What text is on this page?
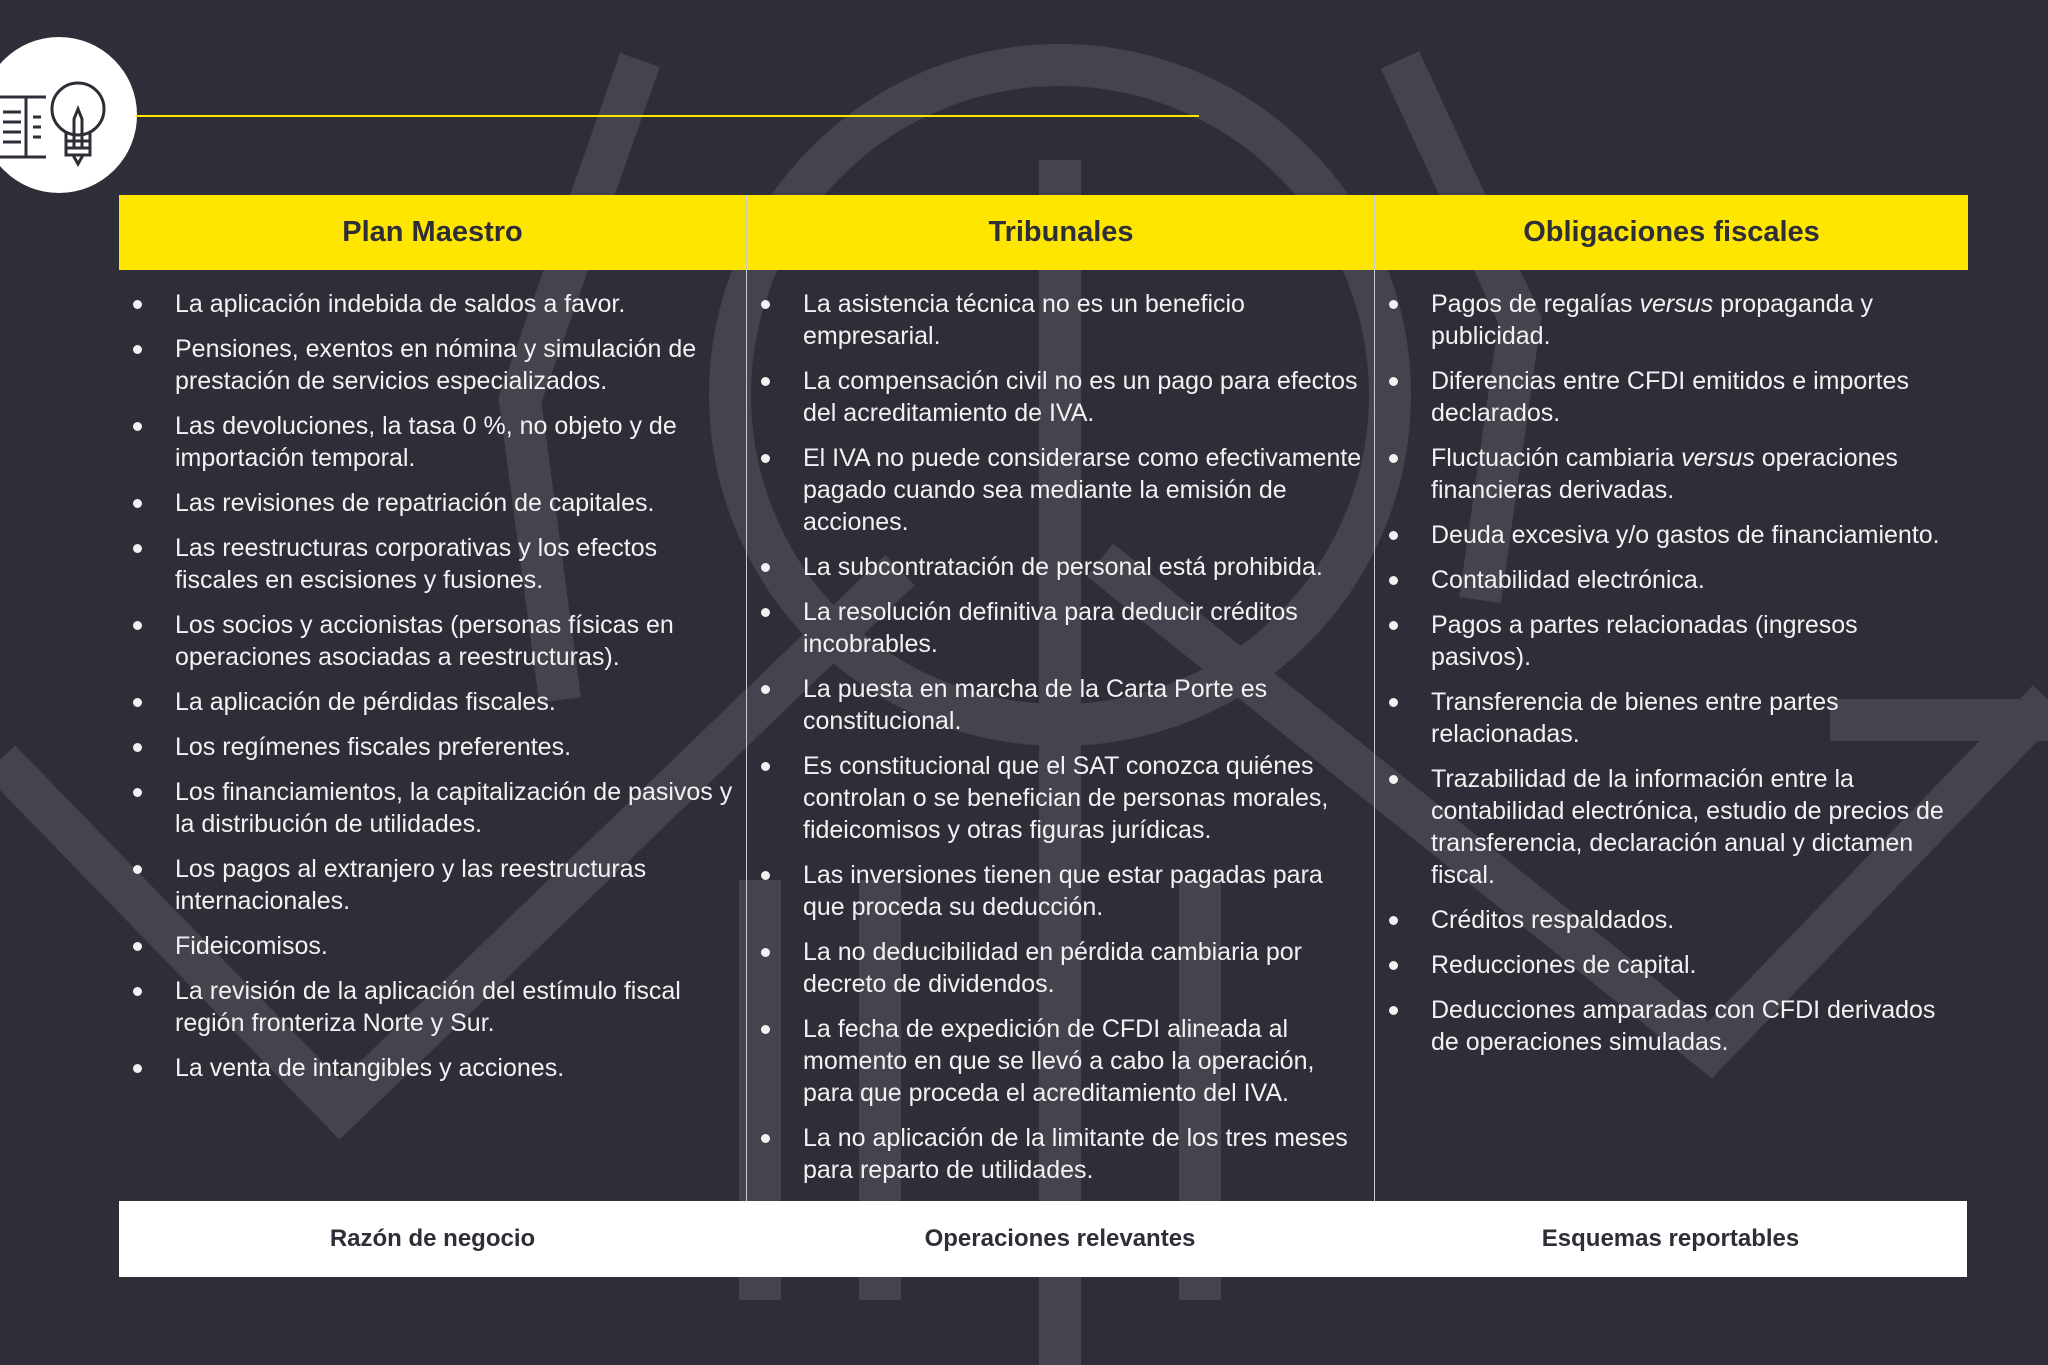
Plan Maestro
La aplicación indebida de saldos a favor.
Pensiones, exentos en nómina y simulación de prestación de servicios especializados.
Las devoluciones, la tasa 0 %, no objeto y de importación temporal.
Las revisiones de repatriación de capitales.
Las reestructuras corporativas y los efectos fiscales en escisiones y fusiones.
Los socios y accionistas (personas físicas en operaciones asociadas a reestructuras).
La aplicación de pérdidas fiscales.
Los regímenes fiscales preferentes.
Los financiamientos, la capitalización de pasivos y la distribución de utilidades.
Los pagos al extranjero y las reestructuras internacionales.
Fideicomisos.
La revisión de la aplicación del estímulo fiscal región fronteriza Norte y Sur.
La venta de intangibles y acciones.
Tribunales
La asistencia técnica no es un beneficio empresarial.
La compensación civil no es un pago para efectos del acreditamiento de IVA.
El IVA no puede considerarse como efectivamente pagado cuando sea mediante la emisión de acciones.
La subcontratación de personal está prohibida.
La resolución definitiva para deducir créditos incobrables.
La puesta en marcha de la Carta Porte es constitucional.
Es constitucional que el SAT conozca quiénes controlan o se benefician de personas morales, fideicomisos y otras figuras jurídicas.
Las inversiones tienen que estar pagadas para que proceda su deducción.
La no deducibilidad en pérdida cambiaria por decreto de dividendos.
La fecha de expedición de CFDI alineada al momento en que se llevó a cabo la operación, para que proceda el acreditamiento del IVA.
La no aplicación de la limitante de los tres meses para reparto de utilidades.
Obligaciones fiscales
Pagos de regalías versus propaganda y publicidad.
Diferencias entre CFDI emitidos e importes declarados.
Fluctuación cambiaria versus operaciones financieras derivadas.
Deuda excesiva y/o gastos de financiamiento.
Contabilidad electrónica.
Pagos a partes relacionadas (ingresos pasivos).
Transferencia de bienes entre partes relacionadas.
Trazabilidad de la información entre la contabilidad electrónica, estudio de precios de transferencia, declaración anual y dictamen fiscal.
Créditos respaldados.
Reducciones de capital.
Deducciones amparadas con CFDI derivados de operaciones simuladas.
Razón de negocio	Operaciones relevantes	Esquemas reportables
